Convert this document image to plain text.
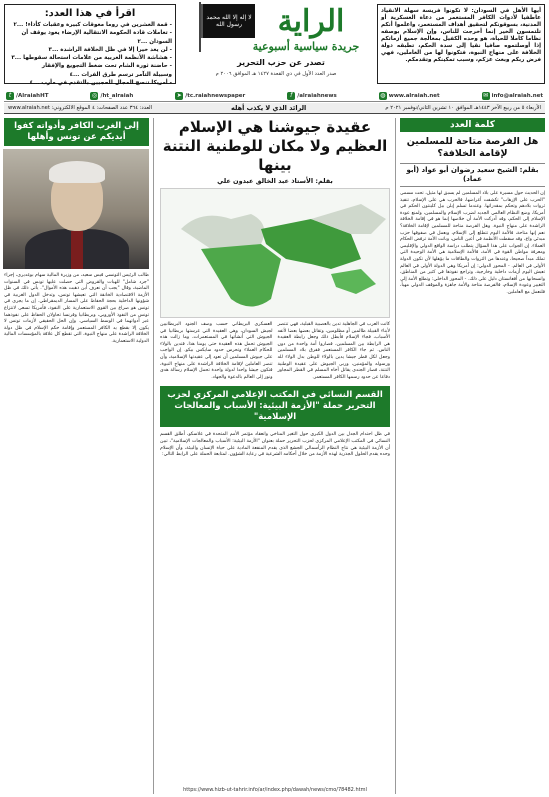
أيها الأهل في السودان: لا تكونوا فريسة سهلة الانقياد عاطفيا لأدوات الكافر المستعمر من دعاة العسكرية أو المدنية، بسوقونكم لتحقيق أهداف المستعمر، واعلموا أنكم تلتمسون الخير إنما أخرجت للناس، وإن الإسلام بوصفه نظاما كاملا للحياة، هو وحده الكفيل بمعالجة جميع أزماتكم إذا أوصلتموه صافيا نقيا إلى سدة الحكم، تطبقه دولة الخلافة على منهاج النبوة، فتكونوا لها من العاملين، فهي فرض ربكم وبعث عزكم، وسبب تمكينكم وتقدمكم.
لا إله إلا الله محمد رسول الله	الراية
جريدة سياسية أسبوعية
تصدر عن حزب التحرير
صدر العدد الأول في ذي القعدة ١٤٢٧ هـ الموافق ٢٠٠٦ م
اقرأ في هذا العدد:
- قمة العشرين في روما معوقات كبيرة وعقبات كأداء! ...٢
- تعاملات قادة الحكومة الانتقالية الإرضاء يعود يوقف أن السودان ...٢
- لن يعد خيرا إلا في ظل الخلافة الراشدة ...٣
- هشاشة الأنظمة العربية من علامات استحالة سقوطها ...٣
- حاضنة ثورة الشام تحت ضغط التجويع والإفقار
وسبيلة التآمر ترسم طرق الفرات ...٤
- أمريكا تنصح المجال للحجيين بالتقدم في مأرب ...٤
t /AlraiahHT	◎ /ht_alraiah	➤ /tc.raiahnewspaper	f /alraiahnews	◍ www.alraiah.net	✉ info@alraiah.net
الأربعاء ٥ من ربيع الآخر ١٤٤٣هـ الموافق ١٠ تشرين الثاني/نوفمبر ٢٠٢١ م
الرائد الذي لا يكذب أهله
العدد: ٣٦٤ عدد الصفحات: ٤ الموقع الالكتروني: www.alraiah.net
كلمة العدد
هل الفرصة متاحة للمسلمين لإقامة الخلافة؟
بقلم: الشيخ سعيد رضوان أبو عواد (أبو عماد)
إن الحديث حول مسيرة على بلاد المسلمين لم يسبق لها مثيل، تحت مسمى "الحرب على الإرهاب" تكشفت أغراضها، فالحرب هي على الإسلام، تنفيذ ثروات بلادهم وتحكم بمقدراتها. وعندما تسلم إيلن بيل كلينتون الحكم في أمريكا، وضع النظام العالمي الجديد لضرب الإسلام والمسلمين، ولمنع عودة الإسلام إلى الحكم، وقد أدركت الأمة أن خلاصها إنما هو في إقامة الخلافة الراشدة على منهاج النبوة. وهل الفرصة متاحة للمسلمين لإقامة الخلافة؟ نعم إنها متاحة، فالأمة اليوم تتطلع إلى الإسلام، ويعمل في صفوفها حزب مبدئي واع، وقد سقطت الأنظمة في أعين الناس، وباتت الأمة ترفض الحكام العملاء. إن الجواب على هذا السؤال يتطلب دراسة الواقع الدولي والإقليمي ومعرفة مواطن القوة في الأمة، فالأمة الإسلامية هي الأمة الوحيدة التي تملك مبدأ صحيحا، وعندها من الثروات والطاقات ما يؤهلها لأن تكون الدولة الأولى في العالم. - المحور الدولي: إن أمريكا وهي الدولة الأولى في العالم تعيش اليوم أزمات داخلية وخارجية، وتراجع نفوذها في كثير من المناطق، وانسحابها من أفغانستان دليل على ذلك. - المحور الداخلي: وتطلع الأمة إلى التغيير وعودة الإسلام، فالفرصة متاحة والأمة جاهزة والموقف الدولي مهيأ، فلنعمل مع العاملين.
عقيدة جيوشنا هي الإسلام العظيم ولا مكان للوطنية النتنة بينها
بقلم: الأستاذ عبد الخالق عبدون علي
كانت العرب في الجاهلية تدين بالعصبية القبلية، فهي تنتصر لأبناء القبيلة ظالمين أو مظلومين، وتقاتل بعضها بعضا لأتفه الأسباب، فجاء الإسلام فأبطل ذلك وجعل رابطة العقيدة هي الرابطة بين المسلمين، فصاروا أمة واحدة من دون الناس. ثم جاء الكافر المستعمر ففرق بلاد المسلمين وجعل لكل قطر جيشا يدين بالولاء للوطن بدل الولاء لله ورسوله والمؤمنين، وربى الجيوش على عقيدة الوطنية النتنة، فصار الجندي يقاتل أخاه المسلم في القطر المجاور دفاعا عن حدود رسمها الكافر المستعمر.
العسكري البريطاني حسب وصف الجنود البريطانيين لجيش السودان، وهي العقيدة التي غرستها بريطانيا في الجيوش التي أنشأتها في المستعمرات، وما زالت هذه الجيوش تحمل هذه العقيدة حتى يومنا هذا، فتدين بالولاء للحكام العملاء وتحرس حدود سايكس بيكو. إن الواجب على جيوش المسلمين أن تعود إلى عقيدتها الإسلامية، وأن تنصر العاملين لإقامة الخلافة الراشدة على منهاج النبوة، فتكون جيشا واحدا لدولة واحدة تحمل الإسلام رسالة هدى ونور إلى العالم بالدعوة والجهاد.
القسم النسائي في المكتب الإعلامي المركزي لحزب التحرير حملة "الأزمة البيئية: الأسباب والمعالجات الإسلامية"
في ظل احتدام الجدل بين الدول الكبرى حول التغير المناخي وانعقاد مؤتمر الأمم المتحدة في غلاسكو، أطلق القسم النسائي في المكتب الإعلامي المركزي لحزب التحرير حملة بعنوان "الأزمة البيئية: الأسباب والمعالجات الإسلامية"، تبين أن الأزمة البيئية هي نتاج النظام الرأسمالي الجشع الذي يقدم المنفعة المادية على حياة الإنسان والبيئة، وأن الإسلام وحده يقدم الحلول الجذرية لهذه الأزمة من خلال أحكامه الشرعية في رعاية الشؤون. لمتابعة الحملة على الرابط التالي:
https://www.hizb-ut-tahrir.info/ar/index.php/dawah/news/cmo/78482.html
إلى الغرب الكافر وأدواته كفوا أيديكم عن تونس وأهلها
طالب الرئيس التونسي قيس سعيد، من وزيرة المالية سهام بوغديري، إجراء "جرد شامل" للهبات والقروض التي حصلت عليها تونس في السنوات الماضية، وقال "يجب أن نعرف أين ذهبت هذه الأموال". يأتي ذلك في ظل الأزمة الاقتصادية الخانقة التي تعيشها تونس، وتدخل الدول الغربية في شؤونها الداخلية بحجة الحفاظ على المسار الديمقراطي. إن ما يجري في تونس هو صراع بين القوى الاستعمارية على النفوذ، فأمريكا تسعى لانتزاع تونس من النفوذ الأوروبي، وبريطانيا وفرنسا تحاولان الحفاظ على نفوذهما عبر أدواتهما في الوسط السياسي. وإن الحل الحقيقي لأزمات تونس لا يكون إلا بقطع يد الكافر المستعمر وإقامة حكم الإسلام في ظل دولة الخلافة الراشدة على منهاج النبوة، التي تقطع كل علاقة بالمؤسسات المالية الدولية الاستعمارية.
